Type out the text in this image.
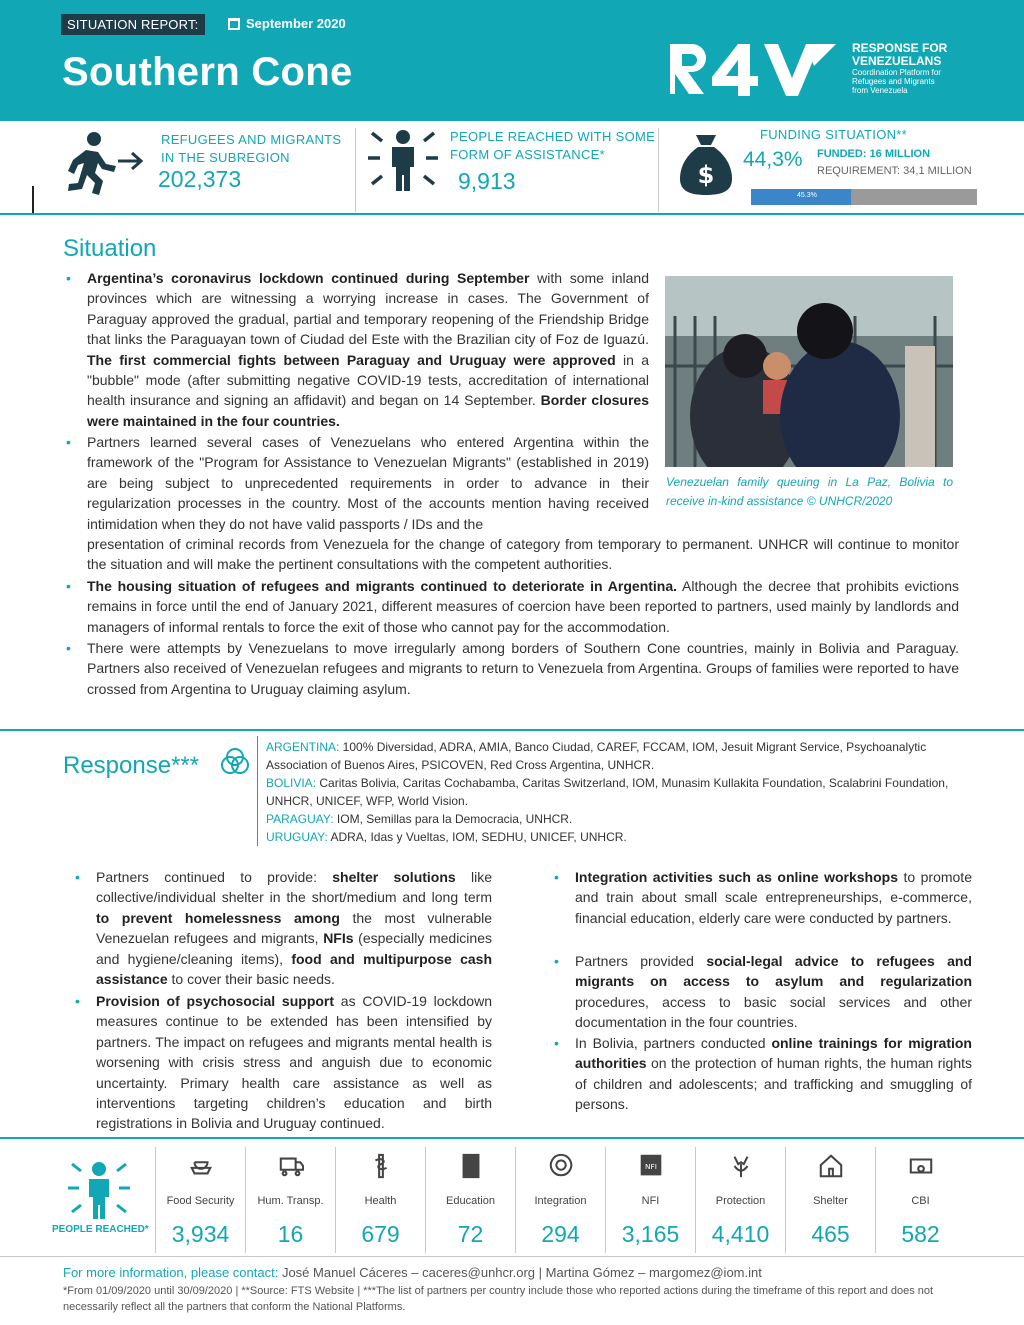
SITUATION REPORT:	September 2020
Southern Cone
RESPONSE FOR
VENEZUELANS
Coordination Platform for
Refugees and Migrants
from Venezuela
REFUGEES AND MIGRANTS
IN THE SUBREGION
202,373
PEOPLE REACHED WITH SOME
FORM OF ASSISTANCE*
9,913	$
FUNDING SITUATION**
44,3% FUNDED: 16 MILLION
REQUIREMENT: 34,1 MILLION
45.3%
Situation
• Argentina’s coronavirus lockdown continued during September with some inland provinces which are witnessing a worrying increase in cases. The Government of Paraguay approved the gradual, partial and temporary reopening of the Friendship Bridge that links the Paraguayan town of Ciudad del Este with the Brazilian city of Foz de Iguazú. The first commercial fights between Paraguay and Uruguay were approved in a "bubble" mode (after submitting negative COVID-19 tests, accreditation of international health insurance and signing an affidavit) and began on 14 September. Border closures were maintained in the four countries.
• Partners learned several cases of Venezuelans who entered Argentina within the framework of the "Program for Assistance to Venezuelan Migrants" (established in 2019) are being subject to unprecedented requirements in order to advance in their regularization processes in the country. Most of the accounts mention having received intimidation when they do not have valid passports / IDs and the
presentation of criminal records from Venezuela for the change of category from temporary to permanent. UNHCR will continue to monitor the situation and will make the pertinent consultations with the competent authorities.
• The housing situation of refugees and migrants continued to deteriorate in Argentina. Although the decree that prohibits evictions remains in force until the end of January 2021, different measures of coercion have been reported to partners, used mainly by landlords and managers of informal rentals to force the exit of those who cannot pay for the accommodation.
• There were attempts by Venezuelans to move irregularly among borders of Southern Cone countries, mainly in Bolivia and Paraguay. Partners also received of Venezuelan refugees and migrants to return to Venezuela from Argentina. Groups of families were reported to have crossed from Argentina to Uruguay claiming asylum.
Venezuelan family queuing in La Paz, Bolivia to receive in-kind assistance © UNHCR/2020
Response***
ARGENTINA: 100% Diversidad, ADRA, AMIA, Banco Ciudad, CAREF, FCCAM, IOM, Jesuit Migrant Service, Psychoanalytic Association of Buenos Aires, PSICOVEN, Red Cross Argentina, UNHCR.
BOLIVIA: Caritas Bolivia, Caritas Cochabamba, Caritas Switzerland, IOM, Munasim Kullakita Foundation, Scalabrini Foundation, UNHCR, UNICEF, WFP, World Vision.
PARAGUAY: IOM, Semillas para la Democracia, UNHCR.
URUGUAY: ADRA, Idas y Vueltas, IOM, SEDHU, UNICEF, UNHCR.
• Partners continued to provide: shelter solutions like collective/individual shelter in the short/medium and long term to prevent homelessness among the most vulnerable Venezuelan refugees and migrants, NFIs (especially medicines and hygiene/cleaning items), food and multipurpose cash assistance to cover their basic needs.
• Provision of psychosocial support as COVID-19 lockdown measures continue to be extended has been intensified by partners. The impact on refugees and migrants mental health is worsening with crisis stress and anguish due to economic uncertainty. Primary health care assistance as well as interventions targeting children’s education and birth registrations in Bolivia and Uruguay continued.
• Integration activities such as online workshops to promote and train about small scale entrepreneurships, e-commerce, financial education, elderly care were conducted by partners.
• Partners provided social-legal advice to refugees and migrants on access to asylum and regularization procedures, access to basic social services and other documentation in the four countries.
• In Bolivia, partners conducted online trainings for migration authorities on the protection of human rights, the human rights of children and adolescents; and trafficking and smuggling of persons.
PEOPLE REACHED*
Food Security
3,934
Hum. Transp.
16
Health
679
Education
72
Integration
294
NFI
NFI
3,165
Protection
4,410
Shelter
465
CBI
582
For more information, please contact: José Manuel Cáceres – caceres@unhcr.org | Martina Gómez – margomez@iom.int
*From 01/09/2020 until 30/09/2020 | **Source: FTS Website | ***The list of partners per country include those who reported actions during the timeframe of this report and does not necessarily reflect all the partners that conform the National Platforms.
